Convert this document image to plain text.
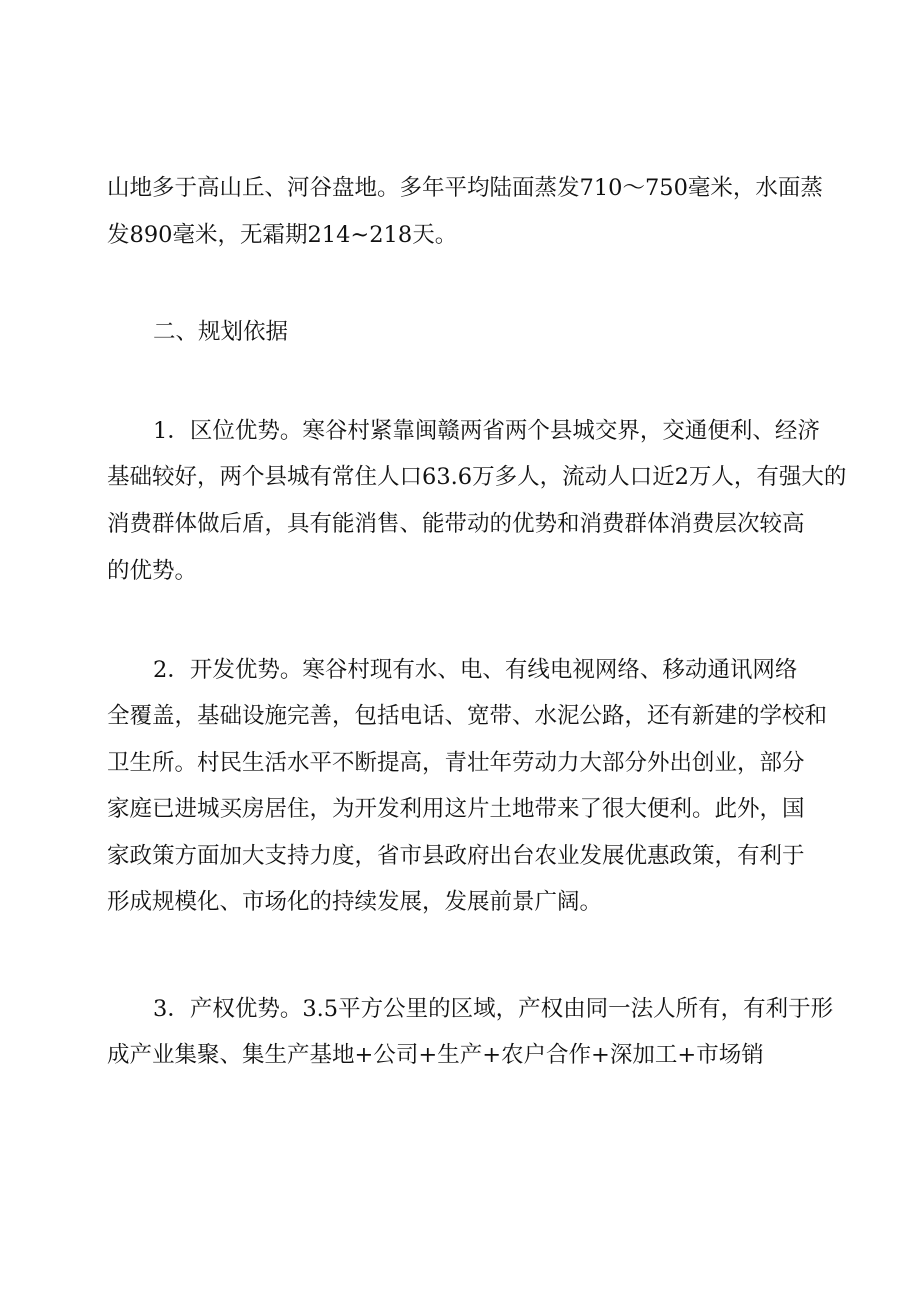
山地多于高山丘、河谷盘地。多年平均陆面蒸发710～750毫米，水面蒸
发890毫米，无霜期214~218天。
二、规划依据
1．区位优势。寒谷村紧靠闽赣两省两个县城交界，交通便利、经济
基础较好，两个县城有常住人口63.6万多人，流动人口近2万人，有强大的
消费群体做后盾，具有能消售、能带动的优势和消费群体消费层次较高
的优势。
2．开发优势。寒谷村现有水、电、有线电视网络、移动通讯网络
全覆盖，基础设施完善，包括电话、宽带、水泥公路，还有新建的学校和
卫生所。村民生活水平不断提高，青壮年劳动力大部分外出创业，部分
家庭已进城买房居住，为开发利用这片土地带来了很大便利。此外，国
家政策方面加大支持力度，省市县政府出台农业发展优惠政策，有利于
形成规模化、市场化的持续发展，发展前景广阔。
3．产权优势。3.5平方公里的区域，产权由同一法人所有，有利于形
成产业集聚、集生产基地+公司+生产+农户合作+深加工+市场销
